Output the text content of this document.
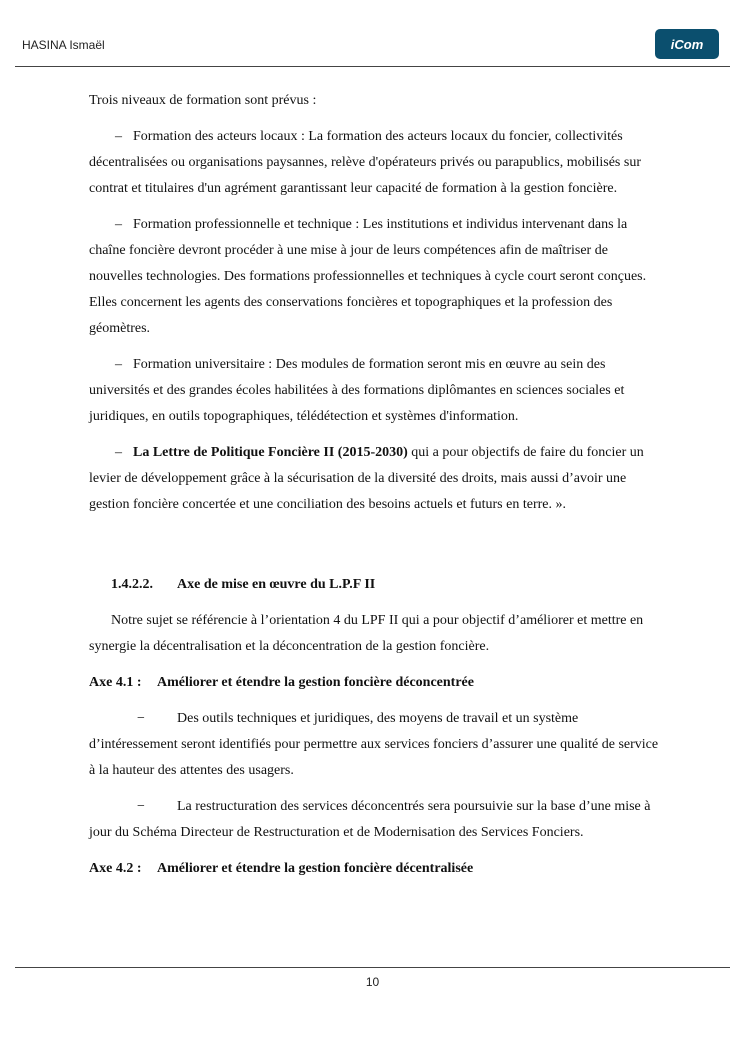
HASINA Ismaël	iCom

Trois niveaux de formation sont prévus :

– Formation des acteurs locaux : La formation des acteurs locaux du foncier, collectivités décentralisées ou organisations paysannes, relève d'opérateurs privés ou parapublics, mobilisés sur contrat et titulaires d'un agrément garantissant leur capacité de formation à la gestion foncière.

– Formation professionnelle et technique : Les institutions et individus intervenant dans la chaîne foncière devront procéder à une mise à jour de leurs compétences afin de maîtriser de nouvelles technologies. Des formations professionnelles et techniques à cycle court seront conçues. Elles concernent les agents des conservations foncières et topographiques et la profession des géomètres.

– Formation universitaire : Des modules de formation seront mis en œuvre au sein des universités et des grandes écoles habilitées à des formations diplômantes en sciences sociales et juridiques, en outils topographiques, télédétection et systèmes d'information.

– La Lettre de Politique Foncière II (2015-2030) qui a pour objectifs de faire du foncier un levier de développement grâce à la sécurisation de la diversité des droits, mais aussi d’avoir une gestion foncière concertée et une conciliation des besoins actuels et futurs en terre. ».

1.4.2.2. Axe de mise en œuvre du L.P.F II

Notre sujet se référencie à l’orientation 4 du LPF II qui a pour objectif d’améliorer et mettre en synergie la décentralisation et la déconcentration de la gestion foncière.

Axe 4.1 : Améliorer et étendre la gestion foncière déconcentrée

− Des outils techniques et juridiques, des moyens de travail et un système d’intéressement seront identifiés pour permettre aux services fonciers d’assurer une qualité de service à la hauteur des attentes des usagers.

− La restructuration des services déconcentrés sera poursuivie sur la base d’une mise à jour du Schéma Directeur de Restructuration et de Modernisation des Services Fonciers.

Axe 4.2 : Améliorer et étendre la gestion foncière décentralisée

10
